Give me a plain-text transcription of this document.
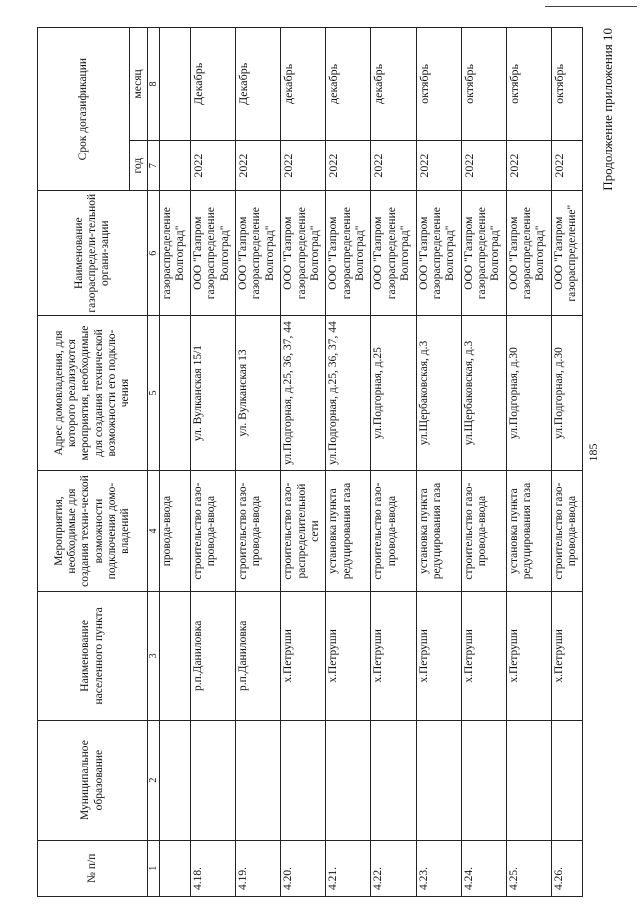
185
Продолжение приложения 10
№ п/п	Муниципальное образование	Наименование населенного пункта	Мероприятия, необходимые для создания техни-ческой возможности подключения домо-владений	Адрес домовладения, для которого реализуются мероприятия, необходимые для создания технической возможности его подклю-чения	Наименование газораспредели-тельной органи-зации	Срок догазификации	
						год	месяц
1	2	3	4	5	6	7	8
			провода-ввода		газораспределение Волгоград"		
4.18.		р.п.Даниловка	строительство газо-провода-ввода	ул. Вулканская 15/1	ООО "Газпром газораспределение Волгоград"	2022	Декабрь
4.19.		р.п.Даниловка	строительство газо-провода-ввода	ул. Вулканская 13	ООО "Газпром газораспределение Волгоград"	2022	Декабрь
4.20.		х.Петруши	строительство газо-распределительной сети	ул.Подгорная, д.25, 36, 37, 44	ООО "Газпром газораспределение Волгоград"	2022	декабрь
4.21.		х.Петруши	установка пункта редуцирования газа	ул.Подгорная, д.25, 36, 37, 44	ООО "Газпром газораспределение Волгоград"	2022	декабрь
4.22.		х.Петруши	строительство газо-провода-ввода	ул.Подгорная, д.25	ООО "Газпром газораспределение Волгоград"	2022	декабрь
4.23.		х.Петруши	установка пункта редуцирования газа	ул.Щербаковская, д.3	ООО "Газпром газораспределение Волгоград"	2022	октябрь
4.24.		х.Петруши	строительство газо-провода-ввода	ул.Щербаковская, д.3	ООО "Газпром газораспределение Волгоград"	2022	октябрь
4.25.		х.Петруши	установка пункта редуцирования газа	ул.Подгорная, д.30	ООО "Газпром газораспределение Волгоград"	2022	октябрь
4.26.		х.Петруши	строительство газо-провода-ввода	ул.Подгорная, д.30	ООО "Газпром газораспределение"	2022	октябрь
